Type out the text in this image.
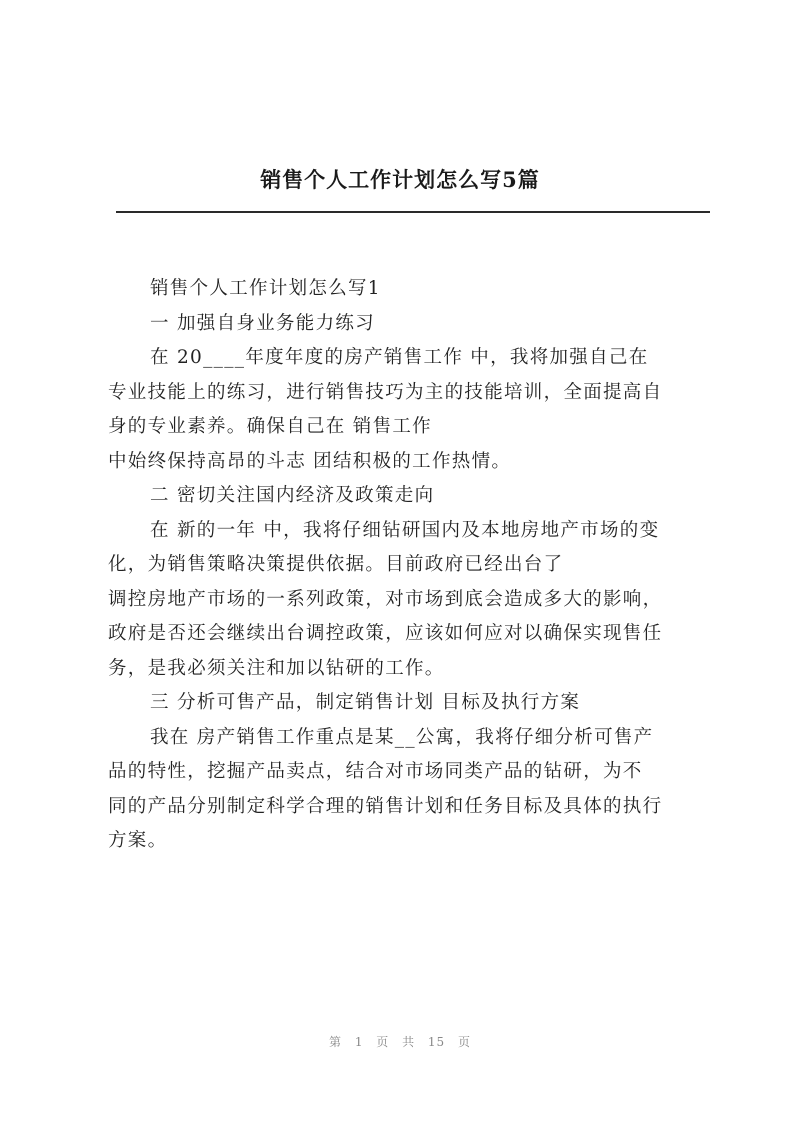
销售个人工作计划怎么写5篇
销售个人工作计划怎么写1
一 加强自身业务能力练习
在 20____年度年度的房产销售工作 中，我将加强自己在
专业技能上的练习，进行销售技巧为主的技能培训，全面提高自
身的专业素养。确保自己在 销售工作
中始终保持高昂的斗志 团结积极的工作热情。
二 密切关注国内经济及政策走向
在 新的一年 中，我将仔细钻研国内及本地房地产市场的变
化，为销售策略决策提供依据。目前政府已经出台了
调控房地产市场的一系列政策，对市场到底会造成多大的影响，
政府是否还会继续出台调控政策，应该如何应对以确保实现售任
务，是我必须关注和加以钻研的工作。
三 分析可售产品，制定销售计划 目标及执行方案
我在 房产销售工作重点是某__公寓，我将仔细分析可售产
品的特性，挖掘产品卖点，结合对市场同类产品的钻研，为不
同的产品分别制定科学合理的销售计划和任务目标及具体的执行
方案。
第 1 页 共 15 页
